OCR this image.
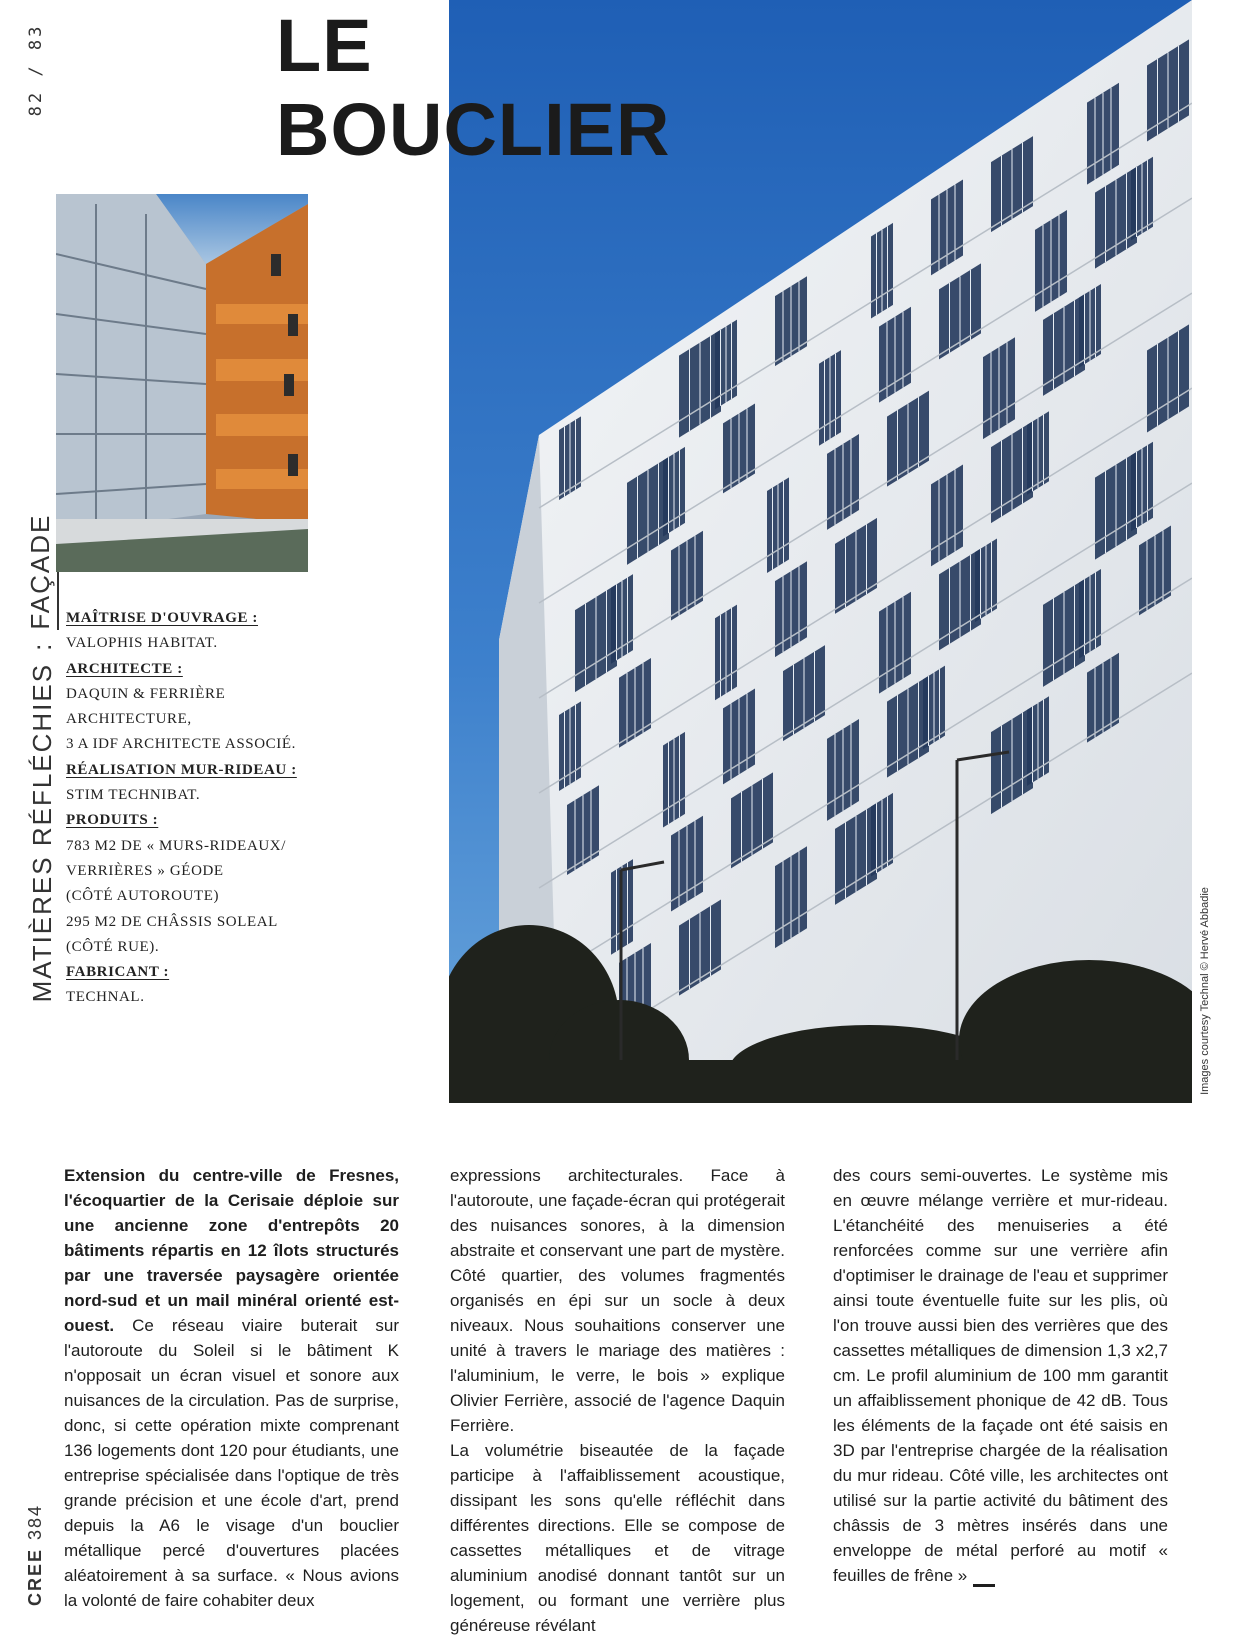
82 / 83
MATIÈRES RÉFLÉCHIES
:
FAÇADE
CREE
384
Images courtesy Technal © Hervé Abbadie
LE
BOUCLIER
MAÎTRISE D'OUVRAGE :
VALOPHIS HABITAT.
ARCHITECTE :
DAQUIN & FERRIÈRE
ARCHITECTURE,
3 A IDF ARCHITECTE ASSOCIÉ.
RÉALISATION MUR-RIDEAU :
STIM TECHNIBAT.
PRODUITS :
783 M2 DE « MURS-RIDEAUX/
VERRIÈRES » GÉODE
(CÔTÉ AUTOROUTE)
295 M2 DE CHÂSSIS SOLEAL
(CÔTÉ RUE).
FABRICANT :
TECHNAL.

Extension du centre-ville de Fresnes, l'écoquartier de la Cerisaie déploie sur une ancienne zone d'entrepôts 20 bâtiments répartis en 12 îlots structurés par une traversée paysagère orientée nord-sud et un mail minéral orienté est-ouest. Ce réseau viaire buterait sur l'autoroute du Soleil si le bâtiment K n'opposait un écran visuel et sonore aux nuisances de la circulation. Pas de surprise, donc, si cette opération mixte comprenant 136 logements dont 120 pour étudiants, une entreprise spécialisée dans l'optique de très grande précision et une école d'art, prend depuis la A6 le visage d'un bouclier métallique percé d'ouvertures placées aléatoirement à sa surface. « Nous avions la volonté de faire cohabiter deux

expressions architecturales. Face à l'autoroute, une façade-écran qui protégerait des nuisances sonores, à la dimension abstraite et conservant une part de mystère. Côté quartier, des volumes fragmentés organisés en épi sur un socle à deux niveaux. Nous souhaitions conserver une unité à travers le mariage des matières : l'aluminium, le verre, le bois » explique Olivier Ferrière, associé de l'agence Daquin Ferrière.

La volumétrie biseautée de la façade participe à l'affaiblissement acoustique, dissipant les sons qu'elle réfléchit dans différentes directions. Elle se compose de cassettes métalliques et de vitrage aluminium anodisé donnant tantôt sur un logement, ou formant une verrière plus généreuse révélant

des cours semi-ouvertes. Le système mis en œuvre mélange verrière et mur-rideau. L'étanchéité des menuiseries a été renforcées comme sur une verrière afin d'optimiser le drainage de l'eau et supprimer ainsi toute éventuelle fuite sur les plis, où l'on trouve aussi bien des verrières que des cassettes métalliques de dimension 1,3 x2,7 cm. Le profil aluminium de 100 mm garantit un affaiblissement phonique de 42 dB. Tous les éléments de la façade ont été saisis en 3D par l'entreprise chargée de la réalisation du mur rideau. Côté ville, les architectes ont utilisé sur la partie activité du bâtiment des châssis de 3 mètres insérés dans une enveloppe de métal perforé au motif « feuilles de frêne »
